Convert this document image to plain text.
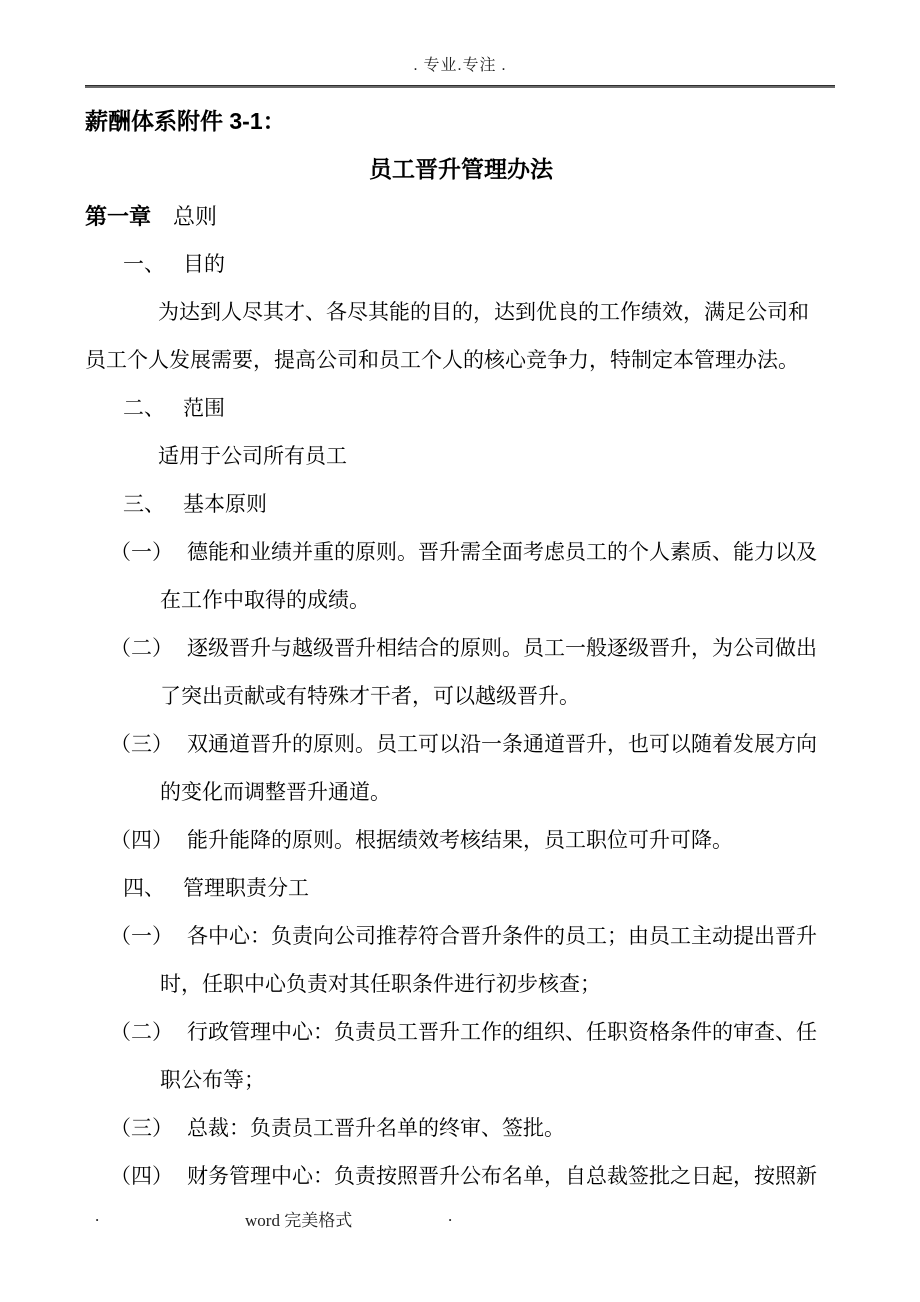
. 专业.专注 .
薪酬体系附件 3-1：
员工晋升管理办法
第一章 总则
一、 目的
为达到人尽其才、各尽其能的目的，达到优良的工作绩效，满足公司和
员工个人发展需要，提高公司和员工个人的核心竞争力，特制定本管理办法。
二、 范围
适用于公司所有员工
三、 基本原则
（一） 德能和业绩并重的原则。晋升需全面考虑员工的个人素质、能力以及
在工作中取得的成绩。
（二） 逐级晋升与越级晋升相结合的原则。员工一般逐级晋升，为公司做出
了突出贡献或有特殊才干者，可以越级晋升。
（三） 双通道晋升的原则。员工可以沿一条通道晋升，也可以随着发展方向
的变化而调整晋升通道。
（四） 能升能降的原则。根据绩效考核结果，员工职位可升可降。
四、 管理职责分工
（一） 各中心：负责向公司推荐符合晋升条件的员工；由员工主动提出晋升
时，任职中心负责对其任职条件进行初步核查；
（二） 行政管理中心：负责员工晋升工作的组织、任职资格条件的审查、任
职公布等；
（三） 总裁：负责员工晋升名单的终审、签批。
（四） 财务管理中心：负责按照晋升公布名单，自总裁签批之日起，按照新
.	word 完美格式	.
